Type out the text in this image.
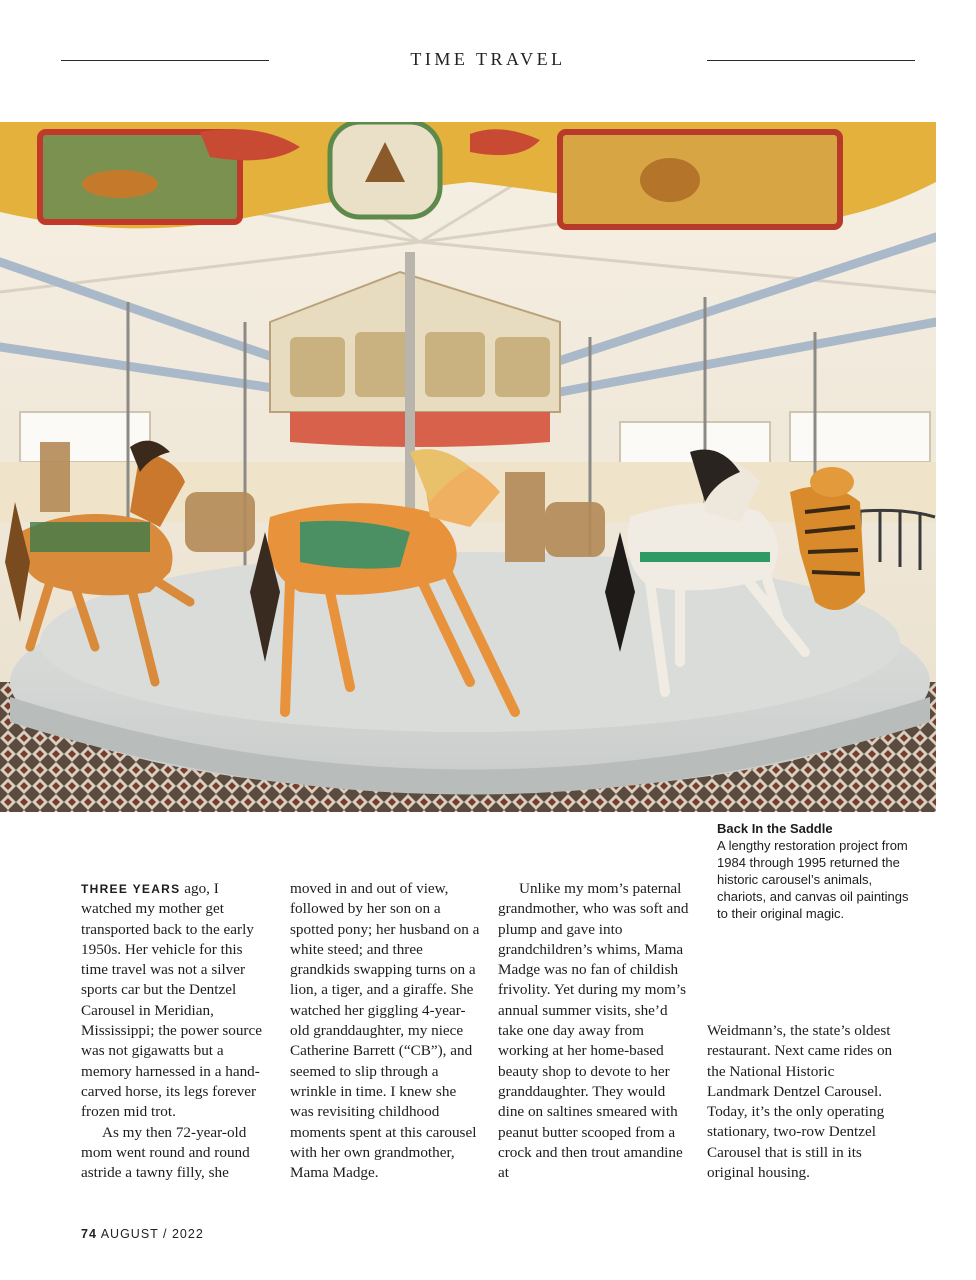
TIME TRAVEL
Back In the Saddle
A lengthy restoration project from 1984 through 1995 returned the historic carousel’s animals, chariots, and canvas oil paintings to their original magic.

THREE YEARS ago, I watched my mother get transported back to the early 1950s. Her vehicle for this time travel was not a silver sports car but the Dentzel Carousel in Meridian, Mississippi; the power source was not gigawatts but a memory harnessed in a hand-carved horse, its legs forever frozen mid trot.

As my then 72-year-old mom went round and round astride a tawny filly, she

moved in and out of view, followed by her son on a spotted pony; her husband on a white steed; and three grandkids swapping turns on a lion, a tiger, and a giraffe. She watched her giggling 4-year-old granddaughter, my niece Catherine Barrett (“CB”), and seemed to slip through a wrinkle in time. I knew she was revisiting childhood moments spent at this carousel with her own grandmother, Mama Madge.

Unlike my mom’s paternal grandmother, who was soft and plump and gave into grandchildren’s whims, Mama Madge was no fan of childish frivolity. Yet during my mom’s annual summer visits, she’d take one day away from working at her home-based beauty shop to devote to her granddaughter. They would dine on saltines smeared with peanut butter scooped from a crock and then trout amandine at

Weidmann’s, the state’s oldest restaurant. Next came rides on the National Historic Landmark Dentzel Carousel. Today, it’s the only operating stationary, two-row Dentzel Carousel that is still in its original housing.

74 AUGUST / 2022
